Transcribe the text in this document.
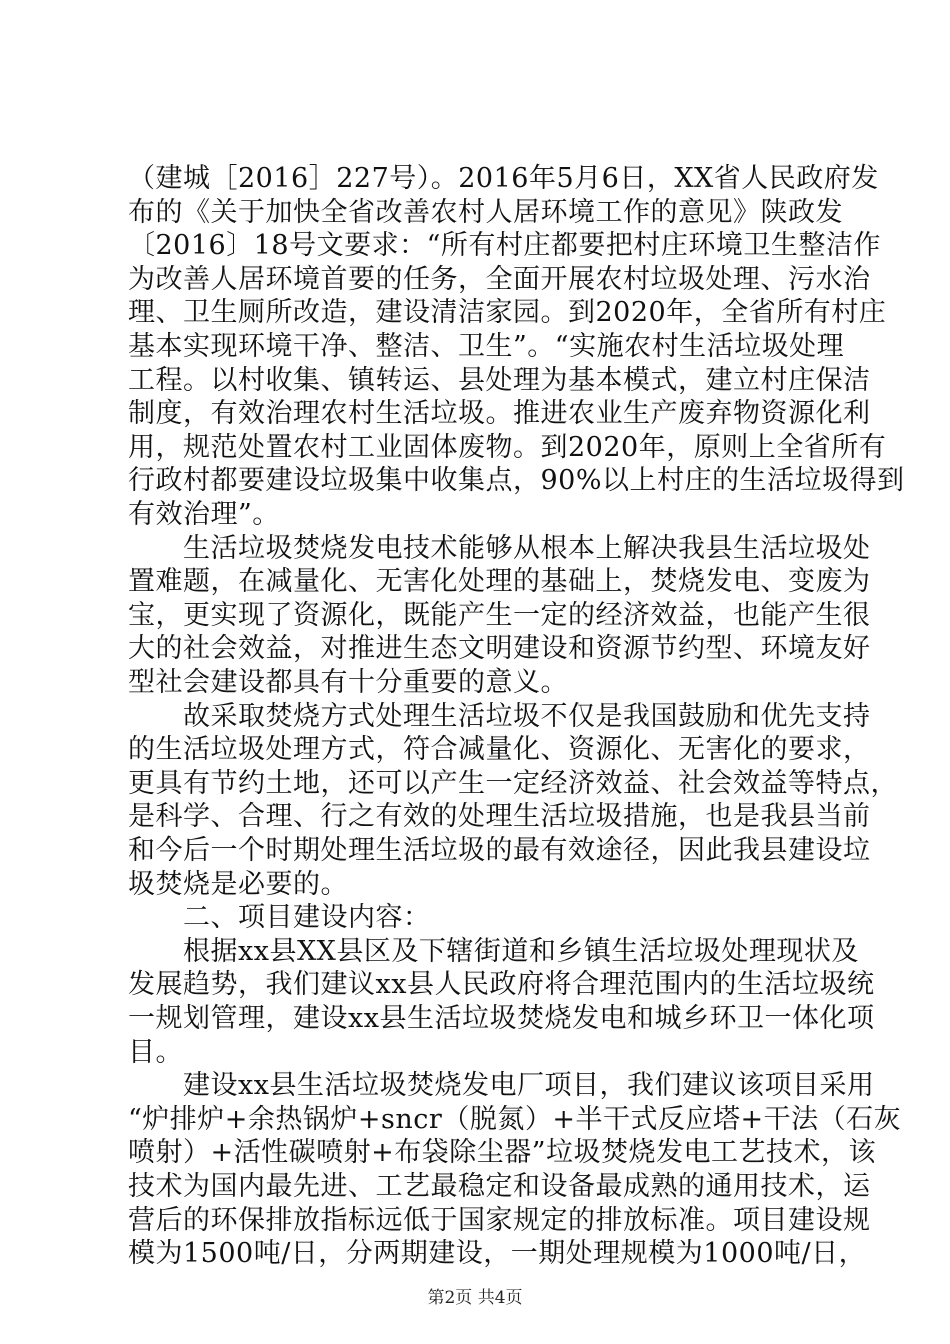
（建城［2016］227号）。2016年5月6日，XX省人民政府发
布的《关于加快全省改善农村人居环境工作的意见》陕政发
〔2016〕18号文要求：“所有村庄都要把村庄环境卫生整洁作
为改善人居环境首要的任务，全面开展农村垃圾处理、污水治
理、卫生厕所改造，建设清洁家园。到2020年，全省所有村庄
基本实现环境干净、整洁、卫生”。“实施农村生活垃圾处理
工程。以村收集、镇转运、县处理为基本模式，建立村庄保洁
制度，有效治理农村生活垃圾。推进农业生产废弃物资源化利
用，规范处置农村工业固体废物。到2020年，原则上全省所有
行政村都要建设垃圾集中收集点，90%以上村庄的生活垃圾得到
有效治理”。
　　生活垃圾焚烧发电技术能够从根本上解决我县生活垃圾处
置难题，在减量化、无害化处理的基础上，焚烧发电、变废为
宝，更实现了资源化，既能产生一定的经济效益，也能产生很
大的社会效益，对推进生态文明建设和资源节约型、环境友好
型社会建设都具有十分重要的意义。
　　故采取焚烧方式处理生活垃圾不仅是我国鼓励和优先支持
的生活垃圾处理方式，符合减量化、资源化、无害化的要求，
更具有节约土地，还可以产生一定经济效益、社会效益等特点，
是科学、合理、行之有效的处理生活垃圾措施，也是我县当前
和今后一个时期处理生活垃圾的最有效途径，因此我县建设垃
圾焚烧是必要的。
　　二、项目建设内容：
　　根据xx县XX县区及下辖街道和乡镇生活垃圾处理现状及
发展趋势，我们建议xx县人民政府将合理范围内的生活垃圾统
一规划管理，建设xx县生活垃圾焚烧发电和城乡环卫一体化项
目。
　　建设xx县生活垃圾焚烧发电厂项目，我们建议该项目采用
“炉排炉+余热锅炉+sncr（脱氮）+半干式反应塔+干法（石灰
喷射）+活性碳喷射+布袋除尘器”垃圾焚烧发电工艺技术，该
技术为国内最先进、工艺最稳定和设备最成熟的通用技术，运
营后的环保排放指标远低于国家规定的排放标准。项目建设规
模为1500吨/日，分两期建设，一期处理规模为1000吨/日，
第2页 共4页
